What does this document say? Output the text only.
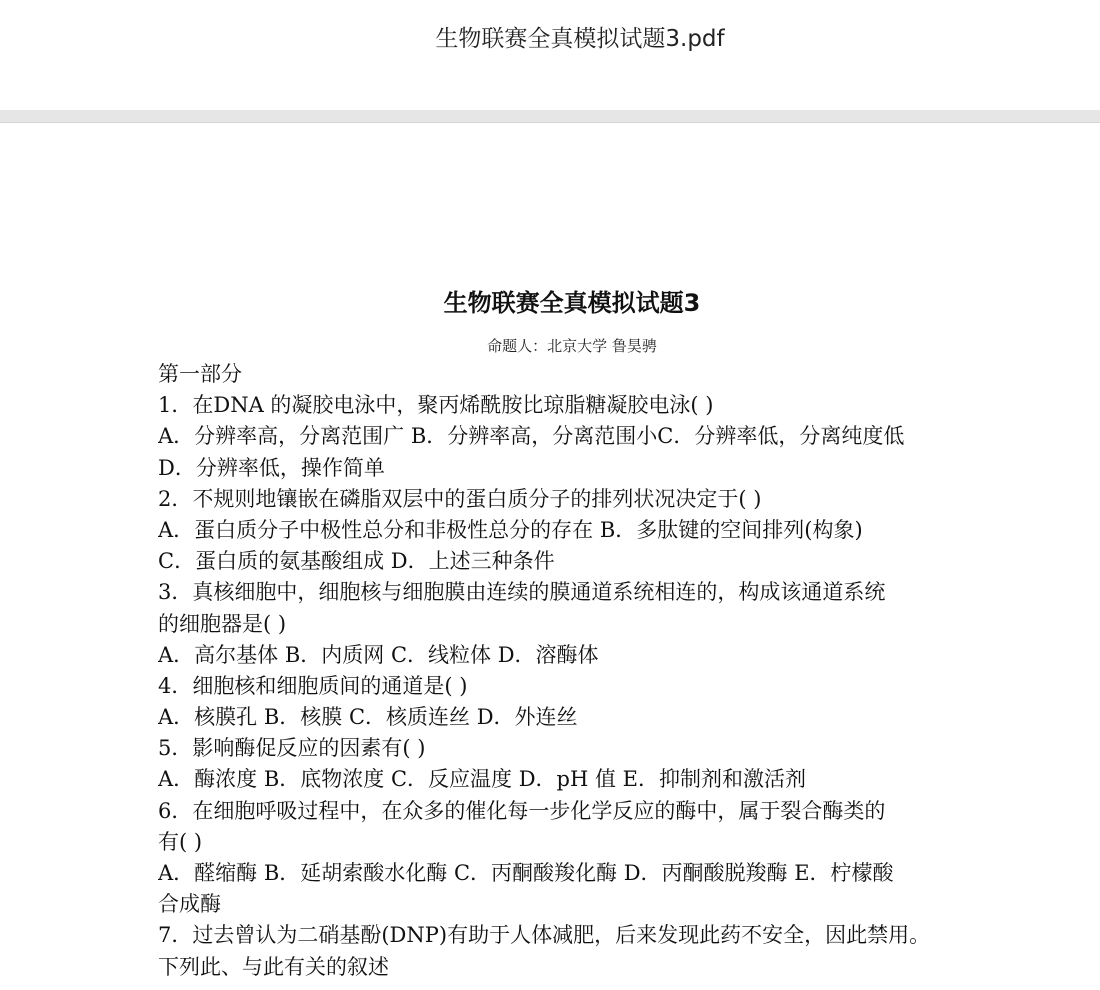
生物联赛全真模拟试题3.pdf
生物联赛全真模拟试题3
命题人：北京大学 鲁昊骋
第一部分
1．在DNA 的凝胶电泳中，聚丙烯酰胺比琼脂糖凝胶电泳( )
A．分辨率高，分离范围广 B．分辨率高，分离范围小C．分辨率低，分离纯度低
D．分辨率低，操作简单
2．不规则地镶嵌在磷脂双层中的蛋白质分子的排列状况决定于( )
A．蛋白质分子中极性总分和非极性总分的存在 B．多肽键的空间排列(构象)
C．蛋白质的氨基酸组成 D．上述三种条件
3．真核细胞中，细胞核与细胞膜由连续的膜通道系统相连的，构成该通道系统
的细胞器是( )
A．高尔基体 B．内质网 C．线粒体 D．溶酶体
4．细胞核和细胞质间的通道是( )
A．核膜孔 B．核膜 C．核质连丝 D．外连丝
5．影响酶促反应的因素有( )
A．酶浓度 B．底物浓度 C．反应温度 D．pH 值 E．抑制剂和激活剂
6．在细胞呼吸过程中，在众多的催化每一步化学反应的酶中，属于裂合酶类的
有( )
A．醛缩酶 B．延胡索酸水化酶 C．丙酮酸羧化酶 D．丙酮酸脱羧酶 E．柠檬酸
合成酶
7．过去曾认为二硝基酚(DNP)有助于人体减肥，后来发现此药不安全，因此禁用。
下列此、与此有关的叙述
